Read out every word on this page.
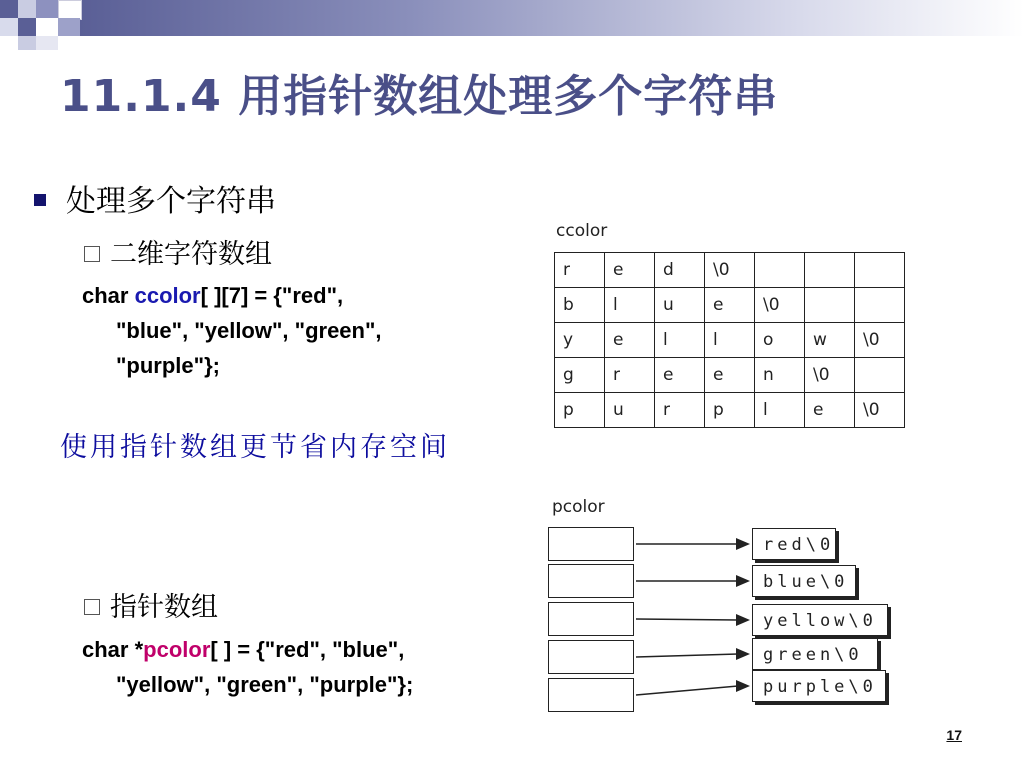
11.1.4 用指针数组处理多个字符串
处理多个字符串
二维字符数组
char ccolor[ ][7] = {"red",
"blue", "yellow", "green",
"purple"};
使用指针数组更节省内存空间
指针数组
char *pcolor[ ] = {"red", "blue",
"yellow", "green", "purple"};
ccolor
r	e	d	\0			
b	l	u	e	\0		
y	e	l	l	o	w	\0
g	r	e	e	n	\0	
p	u	r	p	l	e	\0
pcolor
red\0
blue\0
yellow\0
green\0
purple\0
17
